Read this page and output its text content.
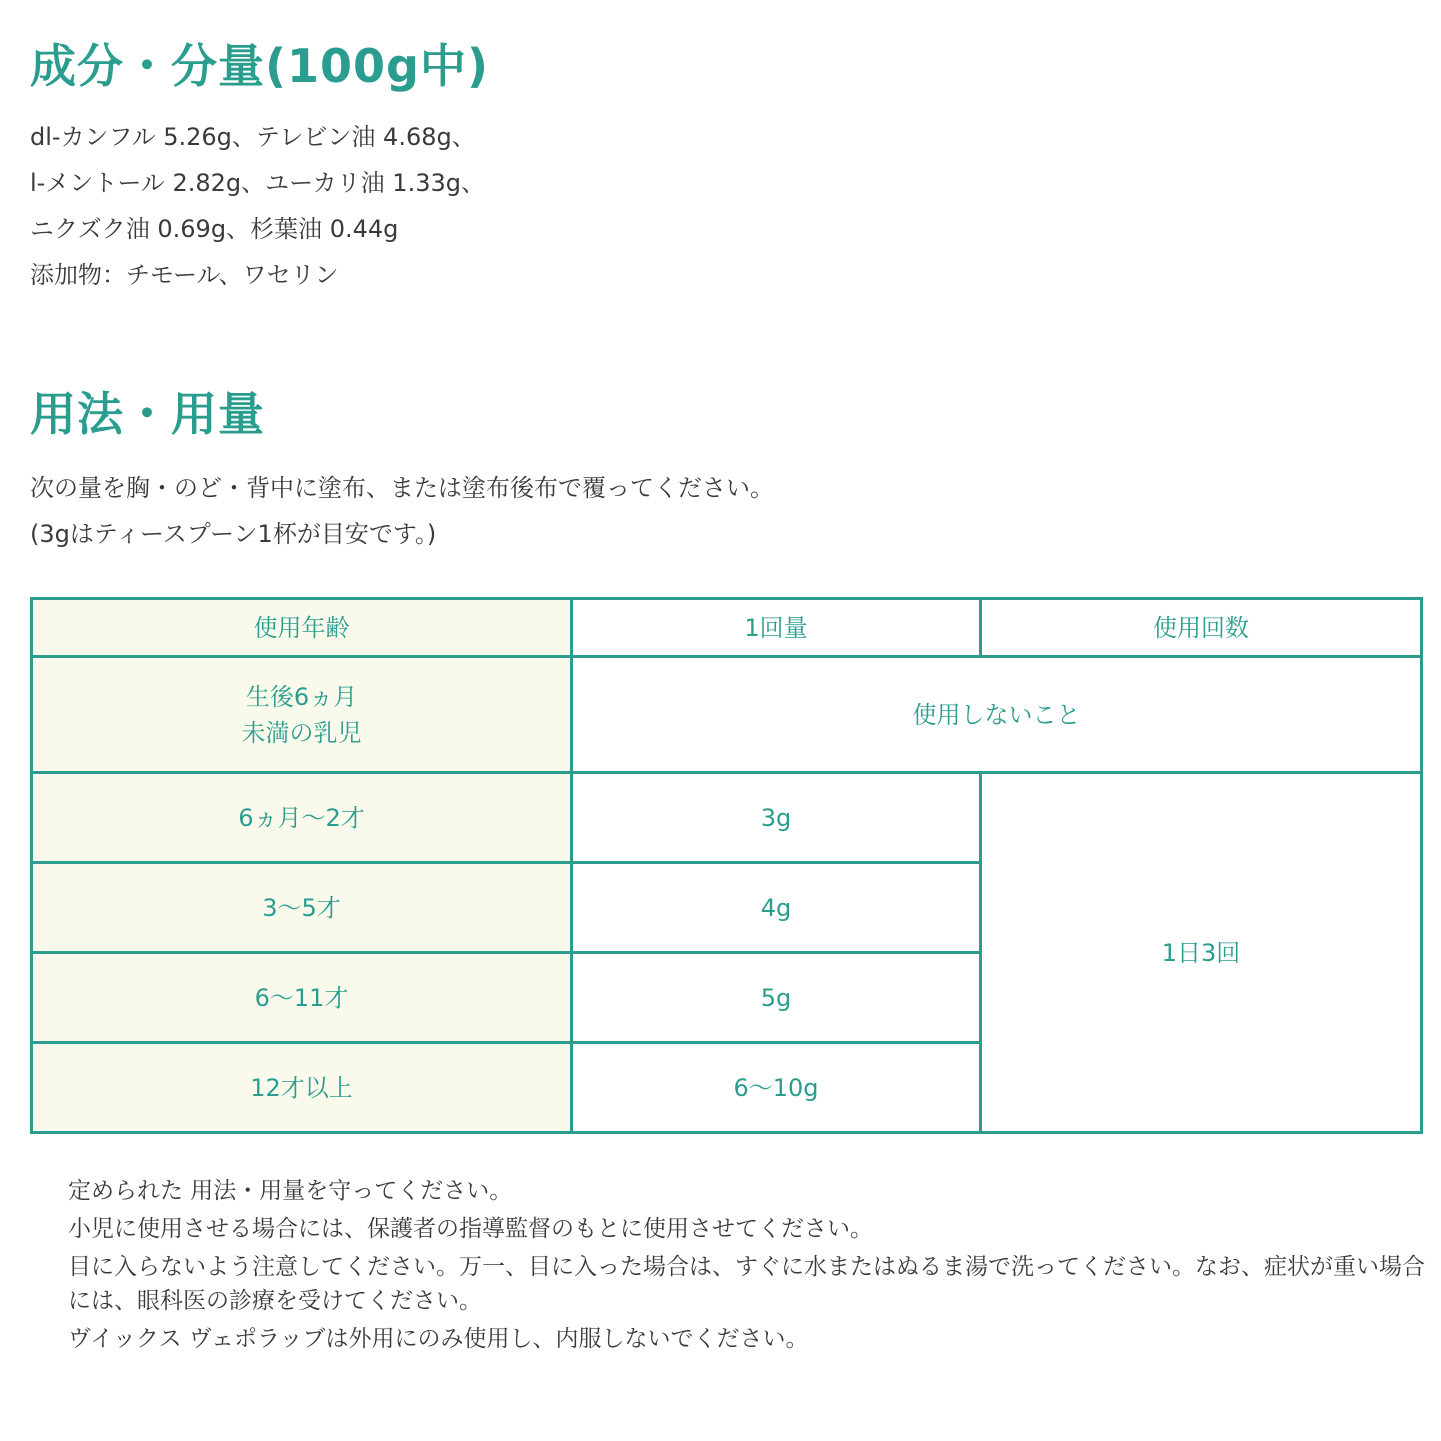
成分・分量(100g中)

dl-カンフル 5.26g、テレビン油 4.68g、

l-メントール 2.82g、ユーカリ油 1.33g、

ニクズク油 0.69g、杉葉油 0.44g

添加物：チモール、ワセリン

用法・用量

次の量を胸・のど・背中に塗布、または塗布後布で覆ってください。

(3gはティースプーン1杯が目安です。)

使用年齢	1回量	使用回数

生後6ヵ月
未満の乳児	使用しないこと	
6ヵ月〜2才	3g	1日3回
3〜5才	4g	
6〜11才	5g	
12才以上	6〜10g	

定められた 用法・用量を守ってください。

小児に使用させる場合には、保護者の指導監督のもとに使用させてください。

目に入らないよう注意してください。万一、目に入った場合は、すぐに水またはぬるま湯で洗ってください。なお、症状が重い場合には、眼科医の診療を受けてください。

ヴイックス ヴェポラッブは外用にのみ使用し、内服しないでください。
